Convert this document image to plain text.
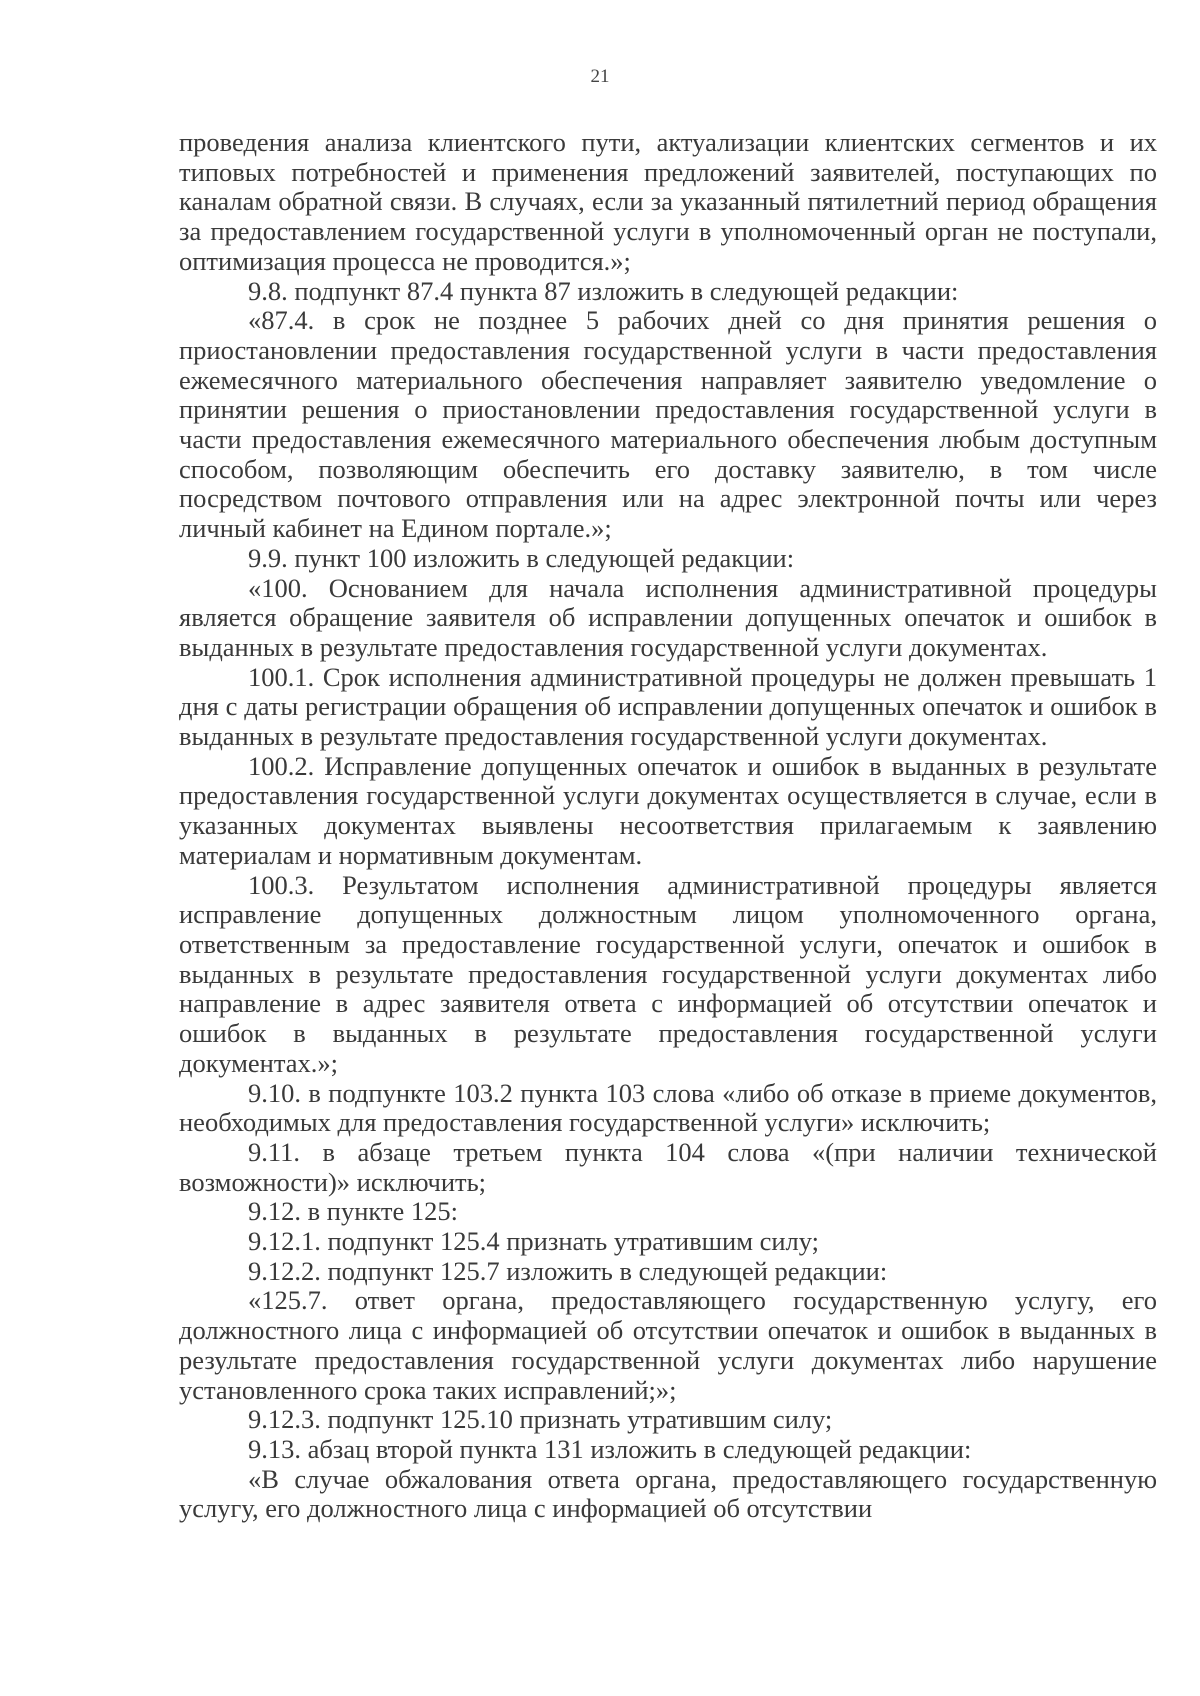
21

проведения анализа клиентского пути, актуализации клиентских сегментов и их типовых потребностей и применения предложений заявителей, поступающих по каналам обратной связи. В случаях, если за указанный пятилетний период обращения за предоставлением государственной услуги в уполномоченный орган не поступали, оптимизация процесса не проводится.»;

9.8. подпункт 87.4 пункта 87 изложить в следующей редакции:

«87.4. в срок не позднее 5 рабочих дней со дня принятия решения о приостановлении предоставления государственной услуги в части предоставления ежемесячного материального обеспечения направляет заявителю уведомление о принятии решения о приостановлении предоставления государственной услуги в части предоставления ежемесячного материального обеспечения любым доступным способом, позволяющим обеспечить его доставку заявителю, в том числе посредством почтового отправления или на адрес электронной почты или через личный кабинет на Едином портале.»;

9.9. пункт 100 изложить в следующей редакции:

«100. Основанием для начала исполнения административной процедуры является обращение заявителя об исправлении допущенных опечаток и ошибок в выданных в результате предоставления государственной услуги документах.

100.1. Срок исполнения административной процедуры не должен превышать 1 дня с даты регистрации обращения об исправлении допущенных опечаток и ошибок в выданных в результате предоставления государственной услуги документах.

100.2. Исправление допущенных опечаток и ошибок в выданных в результате предоставления государственной услуги документах осуществляется в случае, если в указанных документах выявлены несоответствия прилагаемым к заявлению материалам и нормативным документам.

100.3. Результатом исполнения административной процедуры является исправление допущенных должностным лицом уполномоченного органа, ответственным за предоставление государственной услуги, опечаток и ошибок в выданных в результате предоставления государственной услуги документах либо направление в адрес заявителя ответа с информацией об отсутствии опечаток и ошибок в выданных в результате предоставления государственной услуги документах.»;

9.10. в подпункте 103.2 пункта 103 слова «либо об отказе в приеме документов, необходимых для предоставления государственной услуги» исключить;

9.11. в абзаце третьем пункта 104 слова «(при наличии технической возможности)» исключить;

9.12. в пункте 125:

9.12.1. подпункт 125.4 признать утратившим силу;

9.12.2. подпункт 125.7 изложить в следующей редакции:

«125.7. ответ органа, предоставляющего государственную услугу, его должностного лица с информацией об отсутствии опечаток и ошибок в выданных в результате предоставления государственной услуги документах либо нарушение установленного срока таких исправлений;»;

9.12.3. подпункт 125.10 признать утратившим силу;

9.13. абзац второй пункта 131 изложить в следующей редакции:

«В случае обжалования ответа органа, предоставляющего государственную услугу, его должностного лица с информацией об отсутствии
